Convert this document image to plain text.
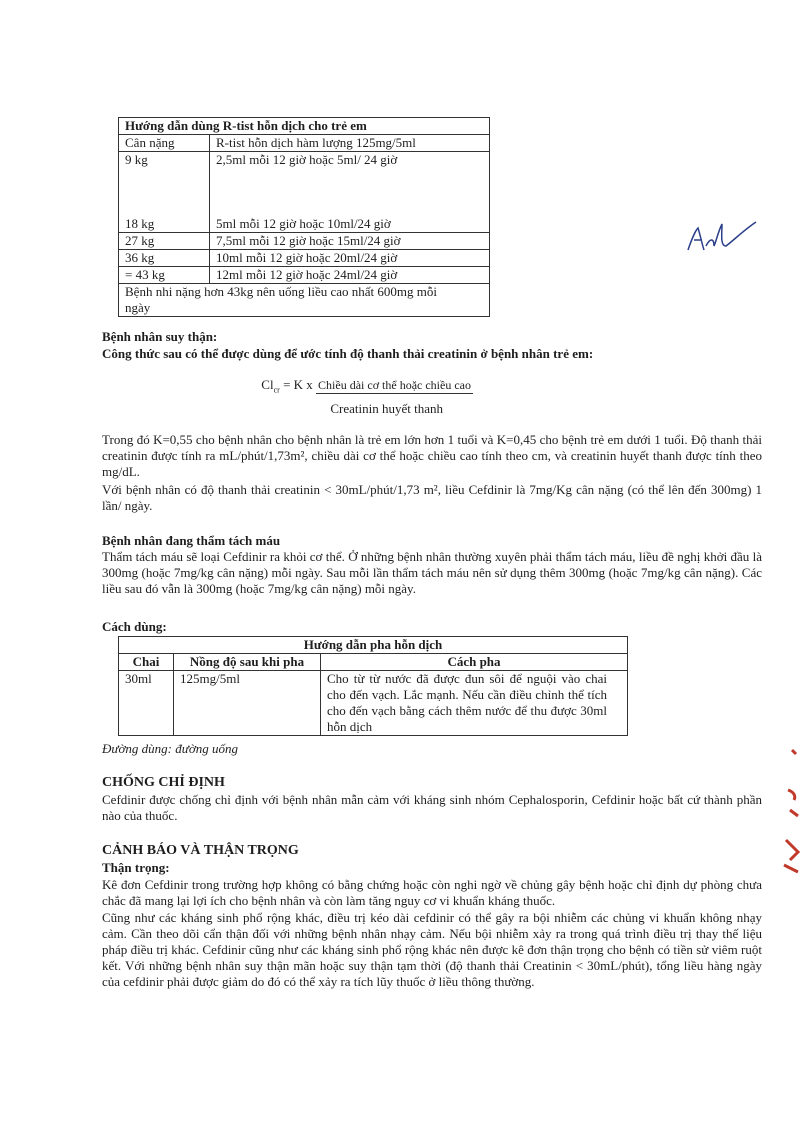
Hướng dẫn dùng R-tist hỗn dịch cho trẻ em	
Cân nặng	R-tist hỗn dịch hàm lượng 125mg/5ml
9 kg	2,5ml mỗi 12 giờ hoặc 5ml/ 24 giờ
18 kg	5ml mỗi 12 giờ hoặc 10ml/24 giờ
27 kg	7,5ml mỗi 12 giờ hoặc 15ml/24 giờ
36 kg	10ml mỗi 12 giờ hoặc 20ml/24 giờ
= 43 kg	12ml mỗi 12 giờ hoặc 24ml/24 giờ
Bệnh nhi nặng hơn 43kg nên uống liều cao nhất 600mg mỗi ngày	
Bệnh nhân suy thận:
Công thức sau có thể được dùng để ước tính độ thanh thải creatinin ở bệnh nhân trẻ em:
$Cl_{cr} = K$ x Chiều dài cơ thể hoặc chiều cao
Creatinin huyết thanh

Trong đó K=0,55 cho bệnh nhân cho bệnh nhân là trẻ em lớn hơn 1 tuổi và K=0,45 cho bệnh trẻ em dưới 1 tuổi. Độ thanh thải creatinin được tính ra mL/phút/1,73m², chiều dài cơ thể hoặc chiều cao tính theo cm, và creatinin huyết thanh được tính theo mg/dL.

Với bệnh nhân có độ thanh thải creatinin < 30mL/phút/1,73 m², liều Cefdinir là 7mg/Kg cân nặng (có thể lên đến 300mg) 1 lần/ ngày.

Bệnh nhân đang thẩm tách máu

Thẩm tách máu sẽ loại Cefdinir ra khỏi cơ thể. Ở những bệnh nhân thường xuyên phải thẩm tách máu, liều đề nghị khởi đầu là 300mg (hoặc 7mg/kg cân nặng) mỗi ngày. Sau mỗi lần thẩm tách máu nên sử dụng thêm 300mg (hoặc 7mg/kg cân nặng). Các liều sau đó vẫn là 300mg (hoặc 7mg/kg cân nặng) mỗi ngày.

Cách dùng:
Hướng dẫn pha hỗn dịch		
Chai	Nồng độ sau khi pha	Cách pha
30ml	125mg/5ml	Cho từ từ nước đã được đun sôi để nguội vào chai cho đến vạch. Lắc mạnh. Nếu cần điều chỉnh thể tích cho đến vạch bằng cách thêm nước để thu được 30ml hỗn dịch
Đường dùng: đường uống
CHỐNG CHỈ ĐỊNH

Cefdinir được chống chỉ định với bệnh nhân mẫn cảm với kháng sinh nhóm Cephalosporin, Cefdinir hoặc bất cứ thành phần nào của thuốc.

CẢNH BÁO VÀ THẬN TRỌNG
Thận trọng:

Kê đơn Cefdinir trong trường hợp không có bằng chứng hoặc còn nghi ngờ về chủng gây bệnh hoặc chỉ định dự phòng chưa chắc đã mang lại lợi ích cho bệnh nhân và còn làm tăng nguy cơ vi khuẩn kháng thuốc.

Cũng như các kháng sinh phổ rộng khác, điều trị kéo dài cefdinir có thể gây ra bội nhiễm các chủng vi khuẩn không nhạy cảm. Cần theo dõi cẩn thận đối với những bệnh nhân nhạy cảm. Nếu bội nhiễm xảy ra trong quá trình điều trị thay thế liệu pháp điều trị khác. Cefdinir cũng như các kháng sinh phổ rộng khác nên được kê đơn thận trọng cho bệnh có tiền sử viêm ruột kết. Với những bệnh nhân suy thận mãn hoặc suy thận tạm thời (độ thanh thải Creatinin < 30mL/phút), tổng liều hàng ngày của cefdinir phải được giảm do đó có thể xảy ra tích lũy thuốc ở liều thông thường.
